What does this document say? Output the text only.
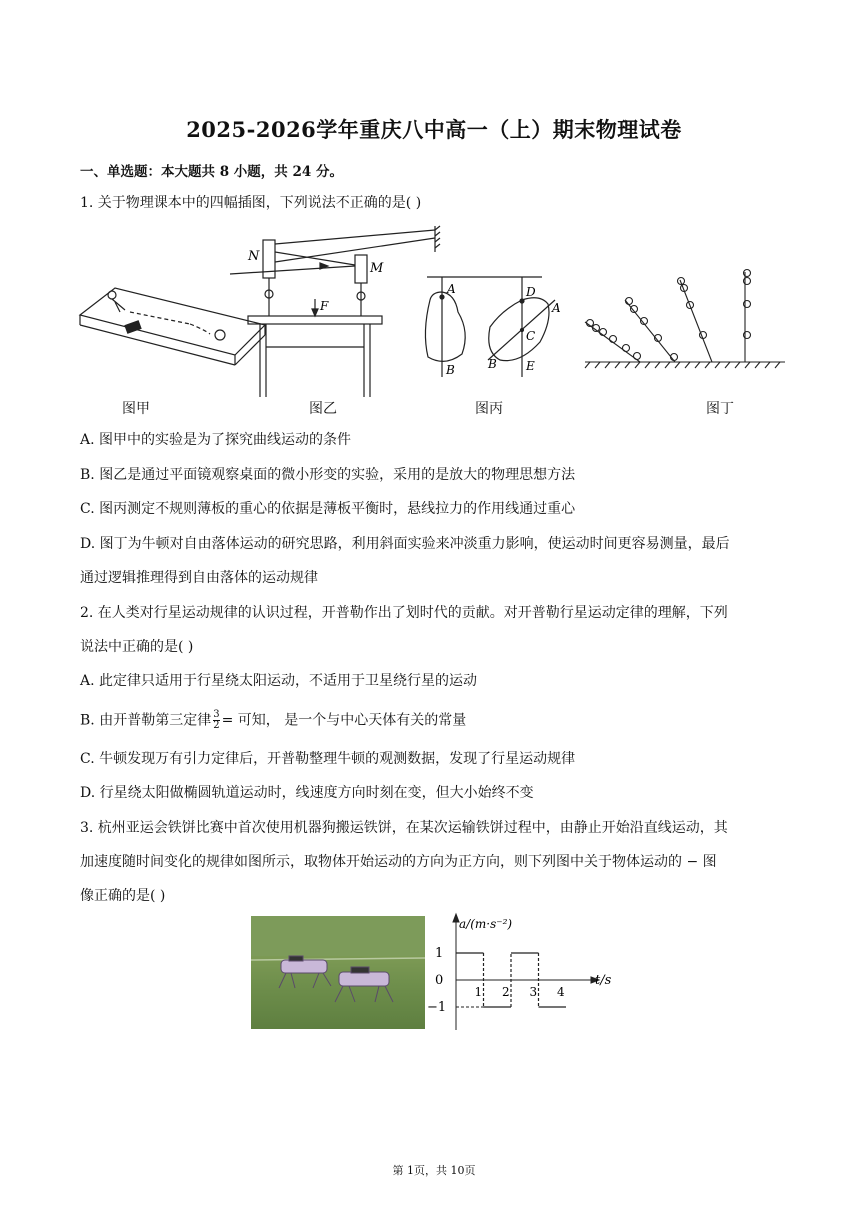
2025-2026学年重庆八中高一（上）期末物理试卷
一、单选题：本大题共 8 小题，共 24 分。
1. 关于物理课本中的四幅插图，下列说法不正确的是( )
N
M
F
A
B
D
A
C
B E
图甲	图乙	图丙	图丁
A. 图甲中的实验是为了探究曲线运动的条件
B. 图乙是通过平面镜观察桌面的微小形变的实验，采用的是放大的物理思想方法
C. 图丙测定不规则薄板的重心的依据是薄板平衡时，悬线拉力的作用线通过重心
D. 图丁为牛顿对自由落体运动的研究思路，利用斜面实验来冲淡重力影响，使运动时间更容易测量，最后
通过逻辑推理得到自由落体的运动规律
2. 在人类对行星运动规律的认识过程，开普勒作出了划时代的贡献。对开普勒行星运动定律的理解，下列
说法中正确的是( )
A. 此定律只适用于行星绕太阳运动，不适用于卫星绕行星的运动
B. 由开普勒第三定律 $\frac{3}{2}$ = 可知， 是一个与中心天体有关的常量
C. 牛顿发现万有引力定律后，开普勒整理牛顿的观测数据，发现了行星运动规律
D. 行星绕太阳做椭圆轨道运动时，线速度方向时刻在变，但大小始终不变
3. 杭州亚运会铁饼比赛中首次使用机器狗搬运铁饼，在某次运输铁饼过程中，由静止开始沿直线运动，其
加速度随时间变化的规律如图所示，取物体开始运动的方向为正方向，则下列图中关于物体运动的 − 图
像正确的是( )
1
0
−1
1 2 3 4
a/(m·s⁻²)
t/s
第 1页，共 10页
